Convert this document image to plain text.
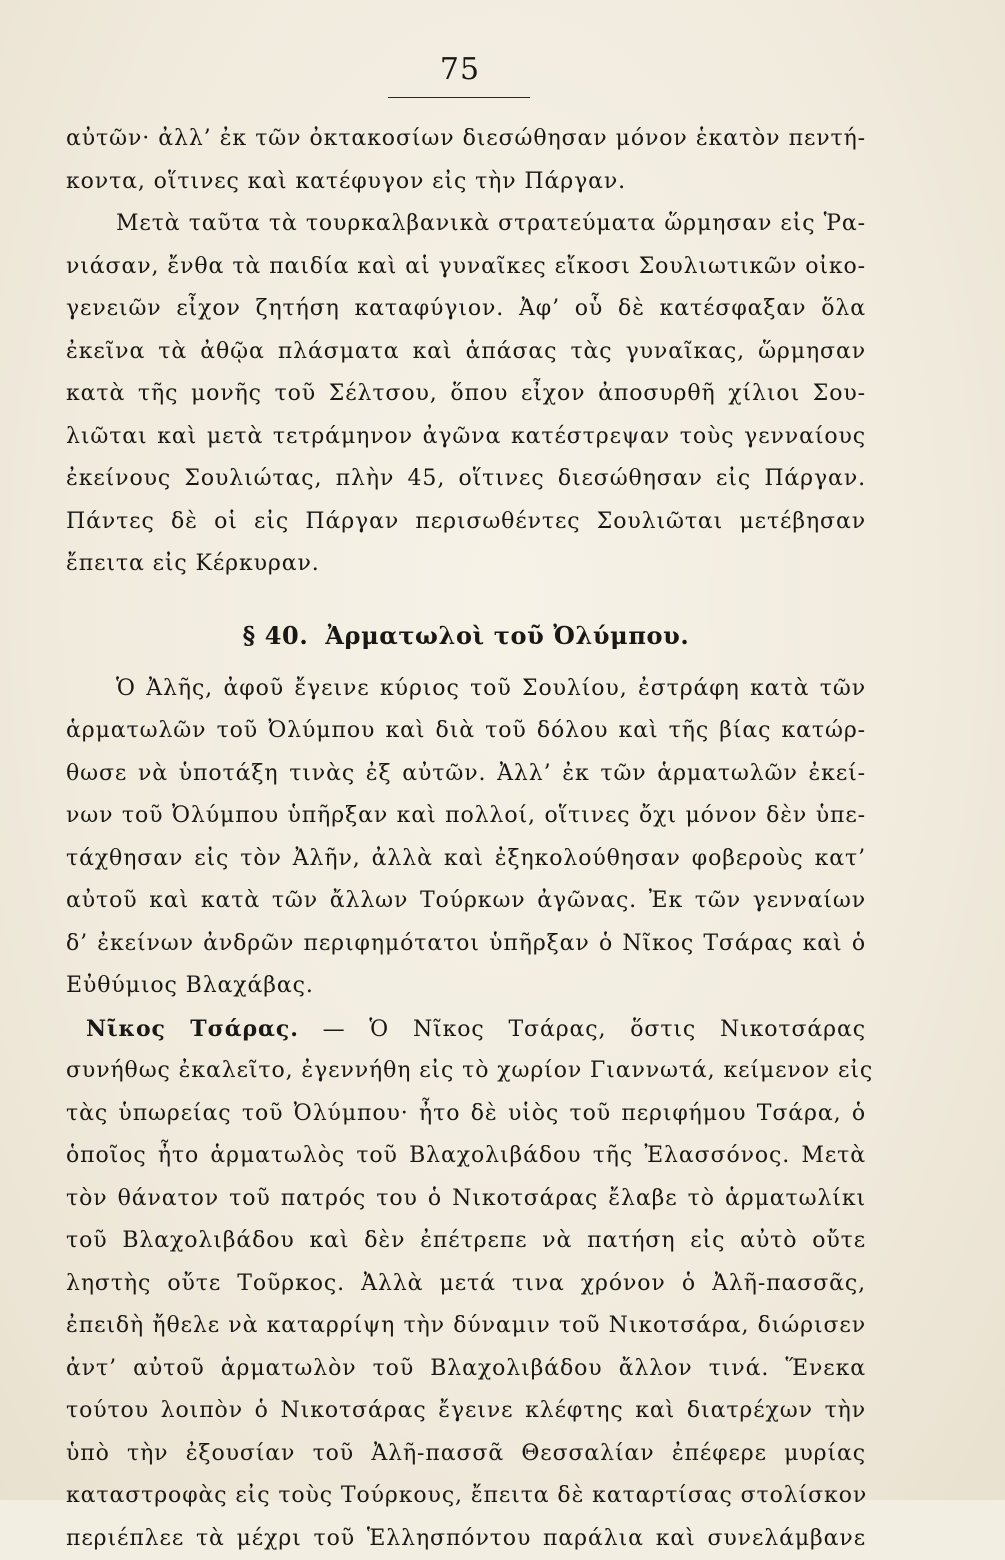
75
αὐτῶν· ἀλλ’ ἐκ τῶν ὀκτακοσίων διεσώθησαν μόνον ἑκατὸν πεντή-
κοντα, οἵτινες καὶ κατέφυγον εἰς τὴν Πάργαν.
Μετὰ ταῦτα τὰ τουρκαλβανικὰ στρατεύματα ὥρμησαν εἰς Ῥα-
νιάσαν, ἔνθα τὰ παιδία καὶ αἱ γυναῖκες εἴκοσι Σουλιωτικῶν οἰκο-
γενειῶν εἶχον ζητήση καταφύγιον. Ἀφ’ οὗ δὲ κατέσφαξαν ὅλα
ἐκεῖνα τὰ ἀθῷα πλάσματα καὶ ἁπάσας τὰς γυναῖκας, ὥρμησαν
κατὰ τῆς μονῆς τοῦ Σέλτσου, ὅπου εἶχον ἀποσυρθῆ χίλιοι Σου-
λιῶται καὶ μετὰ τετράμηνον ἀγῶνα κατέστρεψαν τοὺς γενναίους
ἐκείνους Σουλιώτας, πλὴν 45, οἵτινες διεσώθησαν εἰς Πάργαν.
Πάντες δὲ οἱ εἰς Πάργαν περισωθέντες Σουλιῶται μετέβησαν
ἔπειτα εἰς Κέρκυραν.
§ 40. Ἀρματωλοὶ τοῦ Ὀλύμπου.
Ὁ Ἀλῆς, ἀφοῦ ἔγεινε κύριος τοῦ Σουλίου, ἐστράφη κατὰ τῶν
ἁρματωλῶν τοῦ Ὀλύμπου καὶ διὰ τοῦ δόλου καὶ τῆς βίας κατώρ-
θωσε νὰ ὑποτάξη τινὰς ἐξ αὐτῶν. Ἀλλ’ ἐκ τῶν ἁρματωλῶν ἐκεί-
νων τοῦ Ὀλύμπου ὑπῆρξαν καὶ πολλοί, οἵτινες ὄχι μόνον δὲν ὑπε-
τάχθησαν εἰς τὸν Ἀλῆν, ἀλλὰ καὶ ἐξηκολούθησαν φοβεροὺς κατ’
αὐτοῦ καὶ κατὰ τῶν ἄλλων Τούρκων ἀγῶνας. Ἐκ τῶν γενναίων
δ’ ἐκείνων ἀνδρῶν περιφημότατοι ὑπῆρξαν ὁ Νῖκος Τσάρας καὶ ὁ
Εὐθύμιος Βλαχάβας.
Νῖκος Τσάρας. — Ὁ Νῖκος Τσάρας, ὅστις Νικοτσάρας
συνήθως ἐκαλεῖτο, ἐγεννήθη εἰς τὸ χωρίον Γιαννωτά, κείμενον εἰς
τὰς ὑπωρείας τοῦ Ὀλύμπου· ἦτο δὲ υἱὸς τοῦ περιφήμου Τσάρα, ὁ
ὁποῖος ἦτο ἁρματωλὸς τοῦ Βλαχολιβάδου τῆς Ἐλασσόνος. Μετὰ
τὸν θάνατον τοῦ πατρός του ὁ Νικοτσάρας ἔλαβε τὸ ἁρματωλίκι
τοῦ Βλαχολιβάδου καὶ δὲν ἐπέτρεπε νὰ πατήση εἰς αὐτὸ οὔτε
ληστὴς οὔτε Τοῦρκος. Ἀλλὰ μετά τινα χρόνον ὁ Ἀλῆ-πασσᾶς,
ἐπειδὴ ἤθελε νὰ καταρρίψη τὴν δύναμιν τοῦ Νικοτσάρα, διώρισεν
ἀντ’ αὐτοῦ ἁρματωλὸν τοῦ Βλαχολιβάδου ἄλλον τινά. Ἕνεκα
τούτου λοιπὸν ὁ Νικοτσάρας ἔγεινε κλέφτης καὶ διατρέχων τὴν
ὑπὸ τὴν ἐξουσίαν τοῦ Ἀλῆ-πασσᾶ Θεσσαλίαν ἐπέφερε μυρίας
καταστροφὰς εἰς τοὺς Τούρκους, ἔπειτα δὲ καταρτίσας στολίσκον
περιέπλεε τὰ μέχρι τοῦ Ἑλλησπόντου παράλια καὶ συνελάμβανε
